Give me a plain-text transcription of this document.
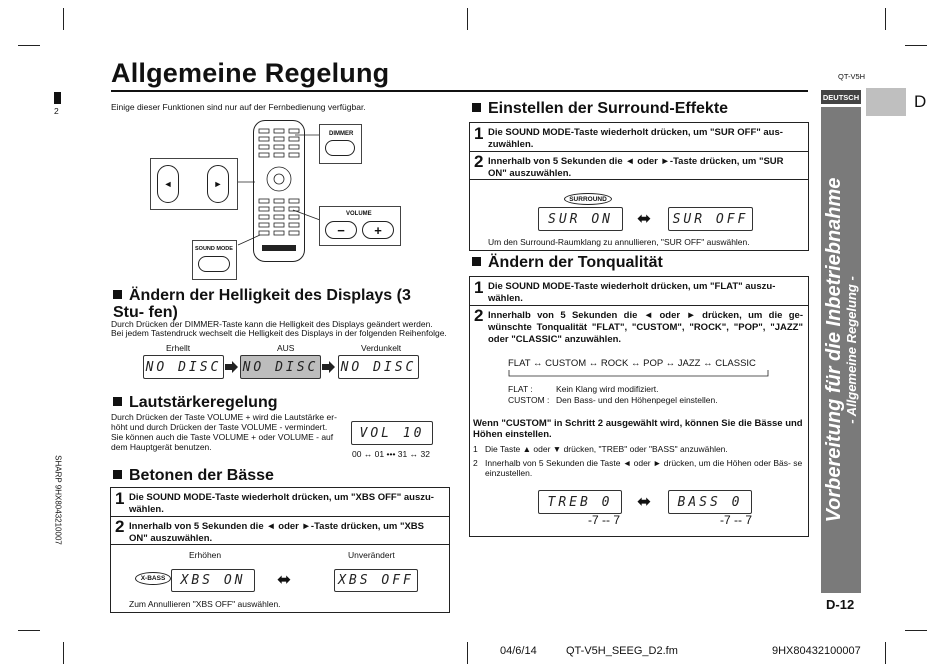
2
SHARP 9HX8043210007
Allgemeine Regelung	QT-V5H
DEUTSCH	D
Vorbereitung für die Inbetriebnahme - Allgemeine Regelung -
Einige dieser Funktionen sind nur auf der Fernbedienung verfügbar.
DIMMER
◄	►
VOLUME
− +
SOUND MODE
Ändern der Helligkeit des Displays (3 Stu- fen)
Durch Drücken der DIMMER-Taste kann die Helligkeit des Displays geändert werden.
Bei jedem Tastendruck wechselt die Helligkeit des Displays in der folgenden Reihenfolge.
Erhellt	AUS	Verdunkelt
NO DISC NO DISC NO DISC
Lautstärkeregelung
Durch Drücken der Taste VOLUME + wird die Lautstärke er- höht und durch Drücken der Taste VOLUME - vermindert. Sie können auch die Taste VOLUME + oder VOLUME - auf dem Hauptgerät benutzen.
VOL 10
00 ↔ 01 ••• 31 ↔ 32
Betonen der Bässe
1 Die SOUND MODE-Taste wiederholt drücken, um "XBS OFF" auszu- wählen.
2 Innerhalb von 5 Sekunden die ◄ oder ►-Taste drücken, um "XBS ON" auszuwählen.
Erhöhen	Unverändert
X-BASS	XBS ON	⬌	XBS OFF
Zum Annullieren "XBS OFF" auswählen.
Einstellen der Surround-Effekte
1 Die SOUND MODE-Taste wiederholt drücken, um "SUR OFF" aus- zuwählen.
2 Innerhalb von 5 Sekunden die ◄ oder ►-Taste drücken, um "SUR ON" auszuwählen.
SURROUND
SUR ON	⬌	SUR OFF
Um den Surround-Raumklang zu annullieren, "SUR OFF" auswählen.
Ändern der Tonqualität
1 Die SOUND MODE-Taste wiederholt drücken, um "FLAT" auszu- wählen.
2 Innerhalb von 5 Sekunden die ◄ oder ► drücken, um die ge- wünschte Tonqualität "FLAT", "CUSTOM", "ROCK", "POP", "JAZZ" oder "CLASSIC" anzuwählen.
FLAT ↔ CUSTOM ↔ ROCK ↔ POP ↔ JAZZ ↔ CLASSIC
FLAT :	Kein Klang wird modifiziert.
CUSTOM : Den Bass- und den Höhenpegel einstellen.
Wenn "CUSTOM" in Schritt 2 ausgewählt wird, können Sie die Bässe und Höhen einstellen.
1 Die Taste ▲ oder ▼ drücken, "TREB" oder "BASS" anzuwählen.
2 Innerhalb von 5 Sekunden die Taste ◄ oder ► drücken, um die Höhen oder Bäs- se einzustellen.
TREB 0	⬌	BASS 0
-7 -- 7	-7 -- 7
D-12
04/6/14	QT-V5H_SEEG_D2.fm	9HX80432100007
